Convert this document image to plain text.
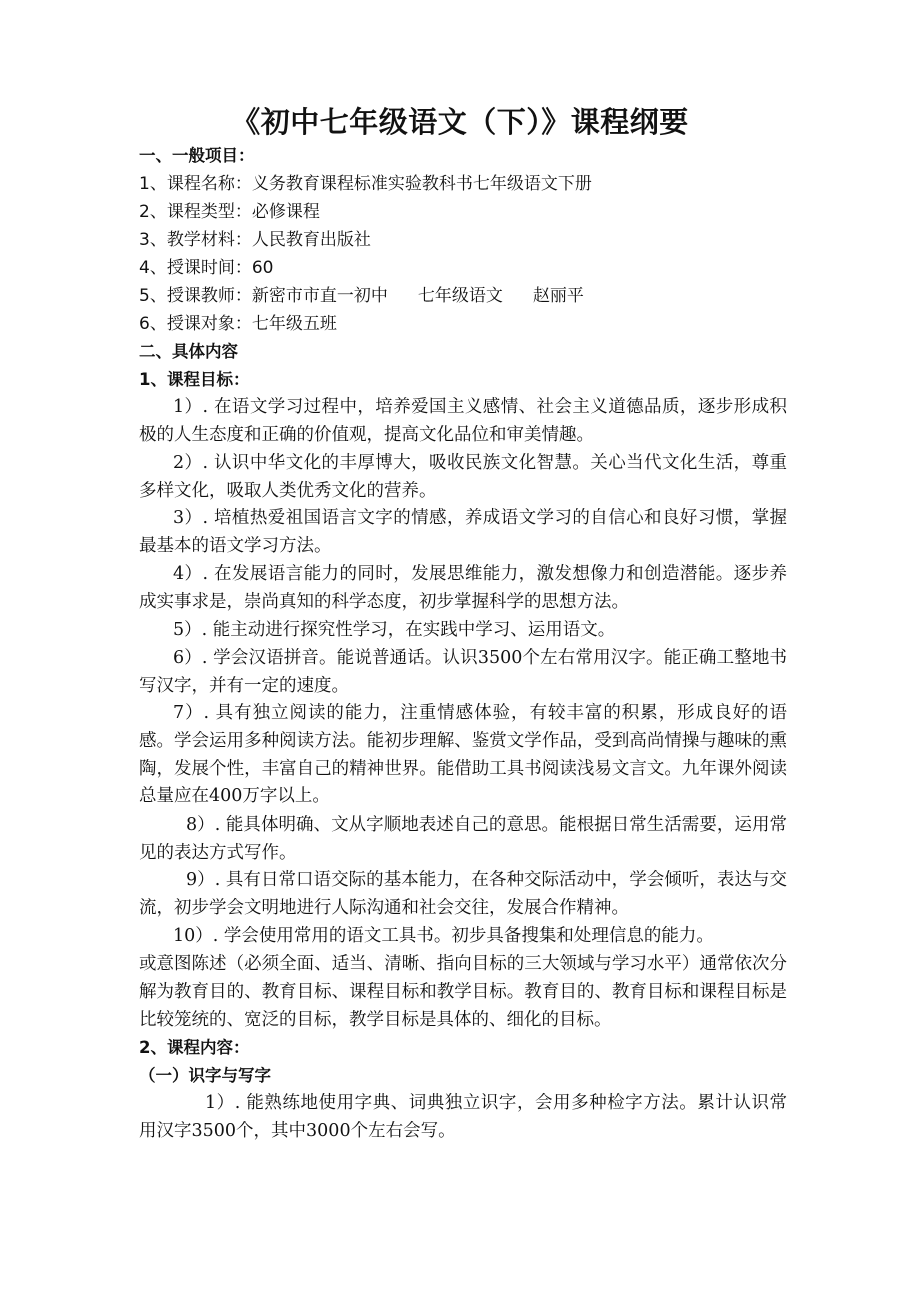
《初中七年级语文（下）》课程纲要
一、一般项目：
1、课程名称：义务教育课程标准实验教科书七年级语文下册
2、课程类型：必修课程
3、教学材料：人民教育出版社
4、授课时间：60
5、授课教师：新密市市直一初中 七年级语文 赵丽平
6、授课对象：七年级五班
二、具体内容
1、课程目标：
1）. 在语文学习过程中，培养爱国主义感情、社会主义道德品质，逐步形成积极的人生态度和正确的价值观，提高文化品位和审美情趣。
2）. 认识中华文化的丰厚博大，吸收民族文化智慧。关心当代文化生活，尊重多样文化，吸取人类优秀文化的营养。
3）. 培植热爱祖国语言文字的情感，养成语文学习的自信心和良好习惯，掌握最基本的语文学习方法。
4）. 在发展语言能力的同时，发展思维能力，激发想像力和创造潜能。逐步养成实事求是，崇尚真知的科学态度，初步掌握科学的思想方法。
5）. 能主动进行探究性学习，在实践中学习、运用语文。
6）. 学会汉语拼音。能说普通话。认识3500个左右常用汉字。能正确工整地书写汉字，并有一定的速度。
7）. 具有独立阅读的能力，注重情感体验，有较丰富的积累，形成良好的语感。学会运用多种阅读方法。能初步理解、鉴赏文学作品，受到高尚情操与趣味的熏陶，发展个性，丰富自己的精神世界。能借助工具书阅读浅易文言文。九年课外阅读总量应在400万字以上。
8）. 能具体明确、文从字顺地表述自己的意思。能根据日常生活需要，运用常见的表达方式写作。
9）. 具有日常口语交际的基本能力，在各种交际活动中，学会倾听，表达与交流，初步学会文明地进行人际沟通和社会交往，发展合作精神。
10）. 学会使用常用的语文工具书。初步具备搜集和处理信息的能力。
或意图陈述（必须全面、适当、清晰、指向目标的三大领域与学习水平）通常依次分解为教育目的、教育目标、课程目标和教学目标。教育目的、教育目标和课程目标是比较笼统的、宽泛的目标，教学目标是具体的、细化的目标。
2、课程内容：
（一）识字与写字
1）. 能熟练地使用字典、词典独立识字，会用多种检字方法。累计认识常用汉字3500个，其中3000个左右会写。
